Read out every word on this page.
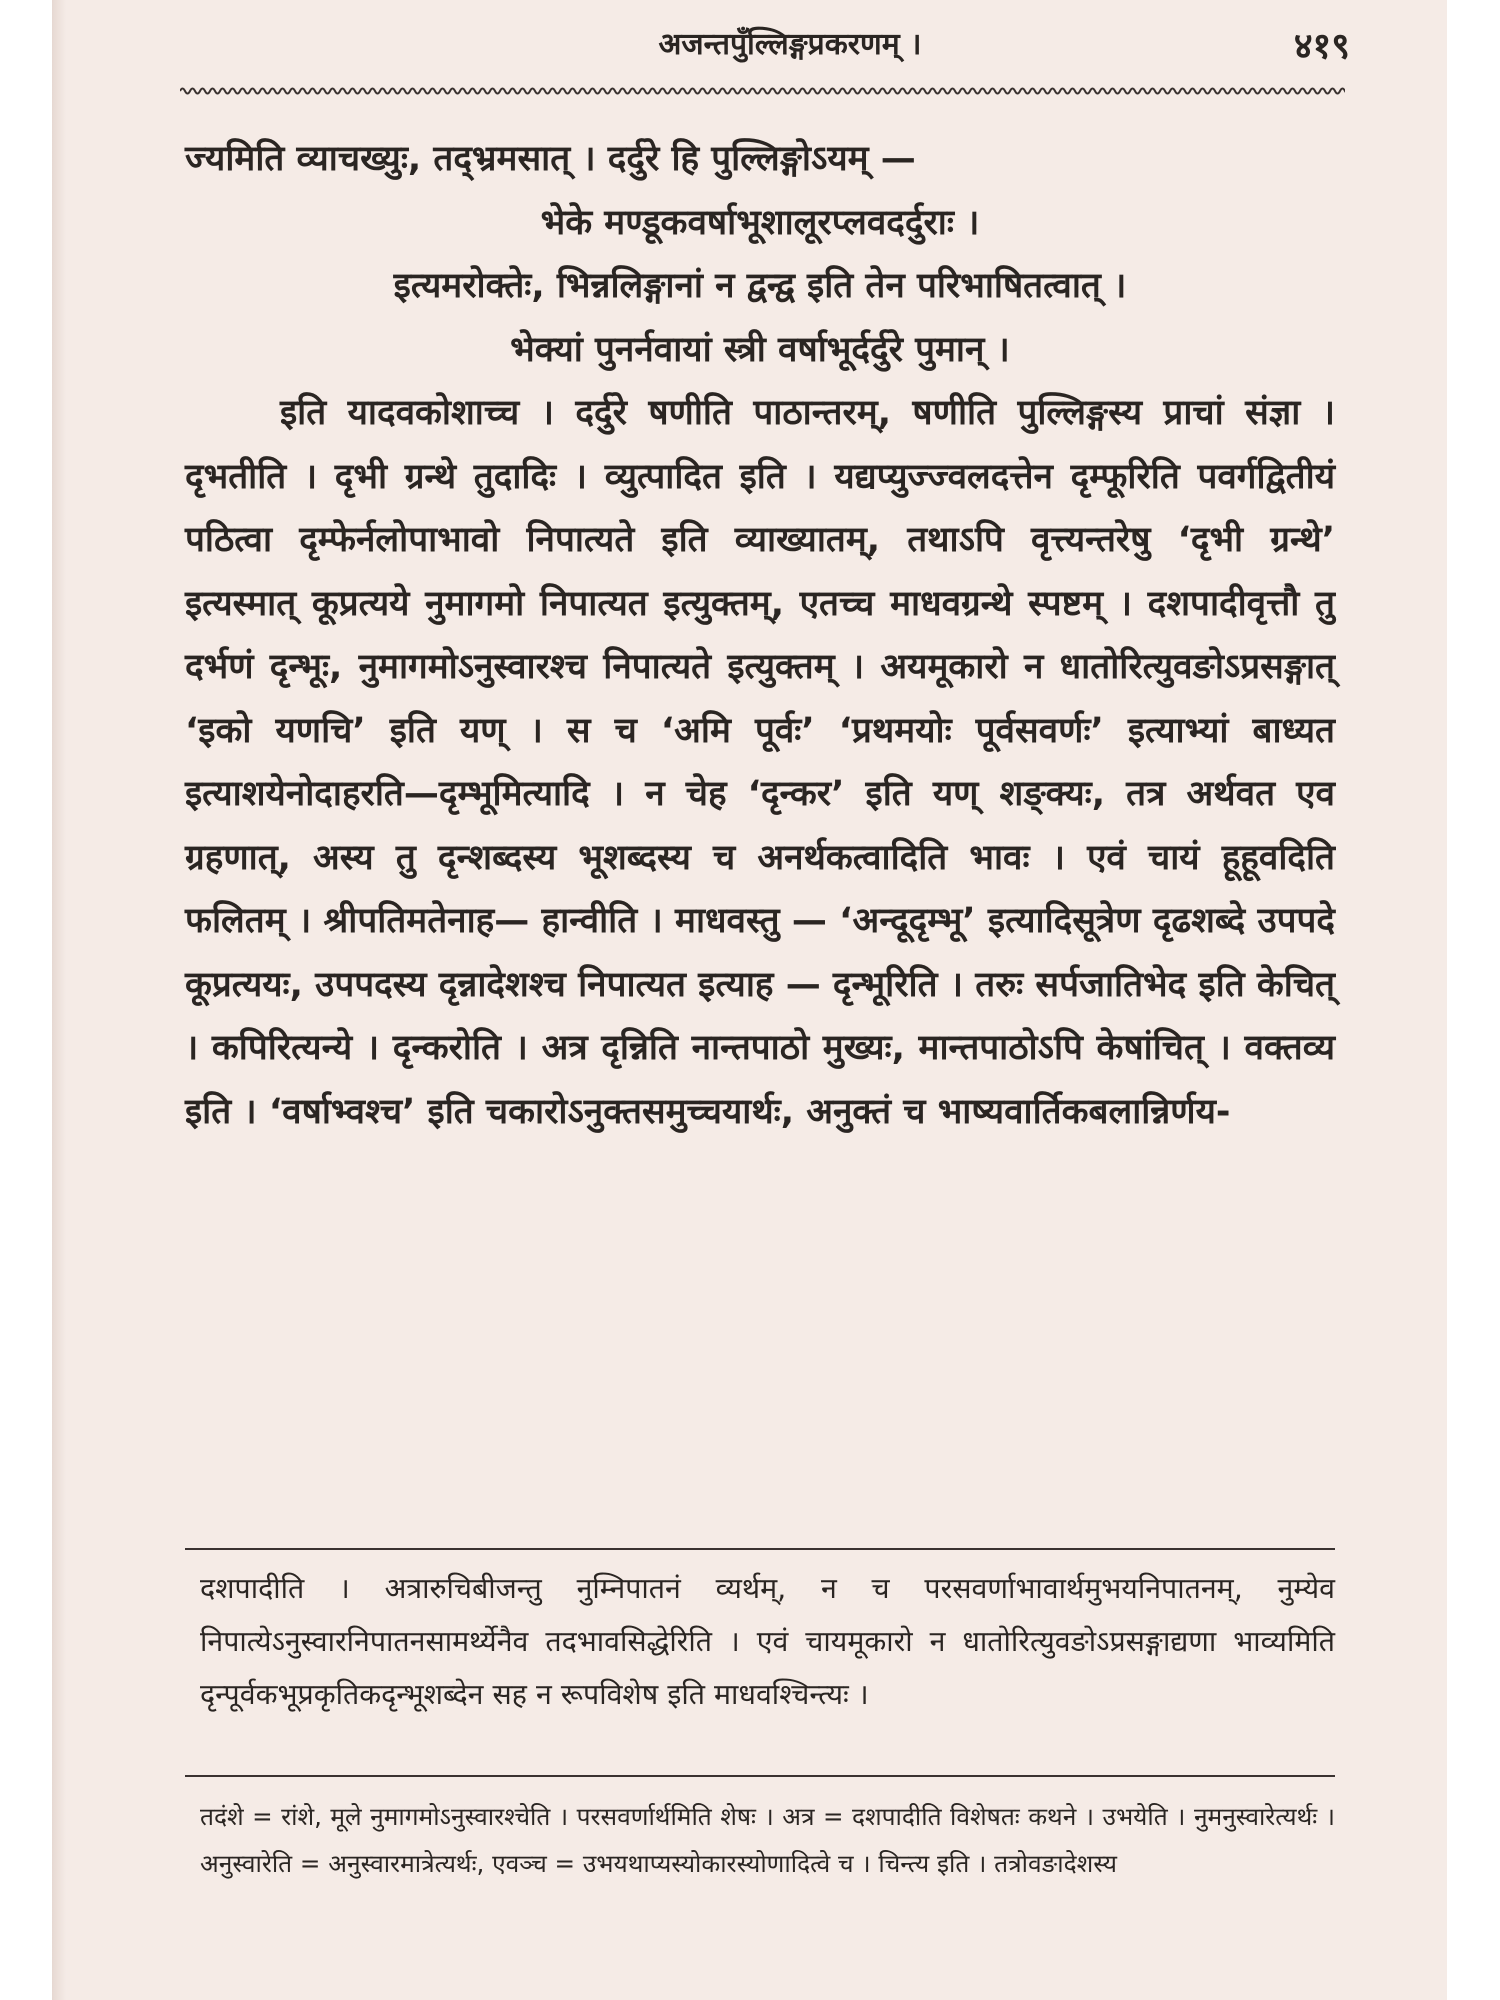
अजन्तपुँल्लिङ्गप्रकरणम् ।	४१९

ज्यमिति व्याचख्युः, तद्भ्रमसात् । दर्दुरे हि पुल्लिङ्गोऽयम् —

भेके मण्डूकवर्षाभूशालूरप्लवदर्दुराः ।

इत्यमरोक्तेः, भिन्नलिङ्गानां न द्वन्द्व इति तेन परिभाषितत्वात् ।

भेक्यां पुनर्नवायां स्त्री वर्षाभूर्दर्दुरे पुमान् ।

इति यादवकोशाच्च । दर्दुरे षणीति पाठान्तरम्, षणीति पुल्लिङ्गस्य प्राचां संज्ञा । दृभतीति । दृभी ग्रन्थे तुदादिः । व्युत्पादित इति । यद्यप्युज्ज्वलदत्तेन दृम्फूरिति पवर्गद्वितीयं पठित्वा दृम्फेर्नलोपाभावो निपात्यते इति व्याख्यातम्, तथाऽपि वृत्त्यन्तरेषु ‘दृभी ग्रन्थे’ इत्यस्मात् कूप्रत्यये नुमागमो निपात्यत इत्युक्तम्, एतच्च माधवग्रन्थे स्पष्टम् । दशपादीवृत्तौ तु दर्भणं दृन्भूः, नुमागमोऽनुस्वारश्च निपात्यते इत्युक्तम् । अयमूकारो न धातोरित्युवङोऽप्रसङ्गात् ‘इको यणचि’ इति यण् । स च ‘अमि पूर्वः’ ‘प्रथमयोः पूर्वसवर्णः’ इत्याभ्यां बाध्यत इत्याशयेनोदाहरति—दृम्भूमित्यादि । न चेह ‘दृन्कर’ इति यण् शङ्क्यः, तत्र अर्थवत एव ग्रहणात्, अस्य तु दृन्शब्दस्य भूशब्दस्य च अनर्थकत्वादिति भावः । एवं चायं हूहूवदिति फलितम् । श्रीपतिमतेनाह— हान्वीति । माधवस्तु — ‘अन्दूदृम्भू’ इत्यादिसूत्रेण दृढशब्दे उपपदे कूप्रत्ययः, उपपदस्य दृन्नादेशश्च निपात्यत इत्याह — दृन्भूरिति । तरुः सर्पजातिभेद इति केचित् । कपिरित्यन्ये । दृन्करोति । अत्र दृन्निति नान्तपाठो मुख्यः, मान्तपाठोऽपि केषांचित् । वक्तव्य इति । ‘वर्षाभ्वश्च’ इति चकारोऽनुक्तसमुच्चयार्थः, अनुक्तं च भाष्यवार्तिकबलान्निर्णय-

दशपादीति । अत्रारुचिबीजन्तु नुम्निपातनं व्यर्थम्, न च परसवर्णाभावार्थमुभयनिपातनम्, नुम्येव निपात्येऽनुस्वारनिपातनसामर्थ्येनैव तदभावसिद्धेरिति । एवं चायमूकारो न धातोरित्युवङोऽप्रसङ्गाद्यणा भाव्यमिति दृन्पूर्वकभूप्रकृतिकदृन्भूशब्देन सह न रूपविशेष इति माधवश्चिन्त्यः ।

तदंशे = रांशे, मूले नुमागमोऽनुस्वारश्चेति । परसवर्णार्थमिति शेषः । अत्र = दशपादीति विशेषतः कथने । उभयेति । नुमनुस्वारेत्यर्थः । अनुस्वारेति = अनुस्वारमात्रेत्यर्थः, एवञ्च = उभयथाप्यस्योकारस्योणादित्वे च । चिन्त्य इति । तत्रोवङादेशस्य
